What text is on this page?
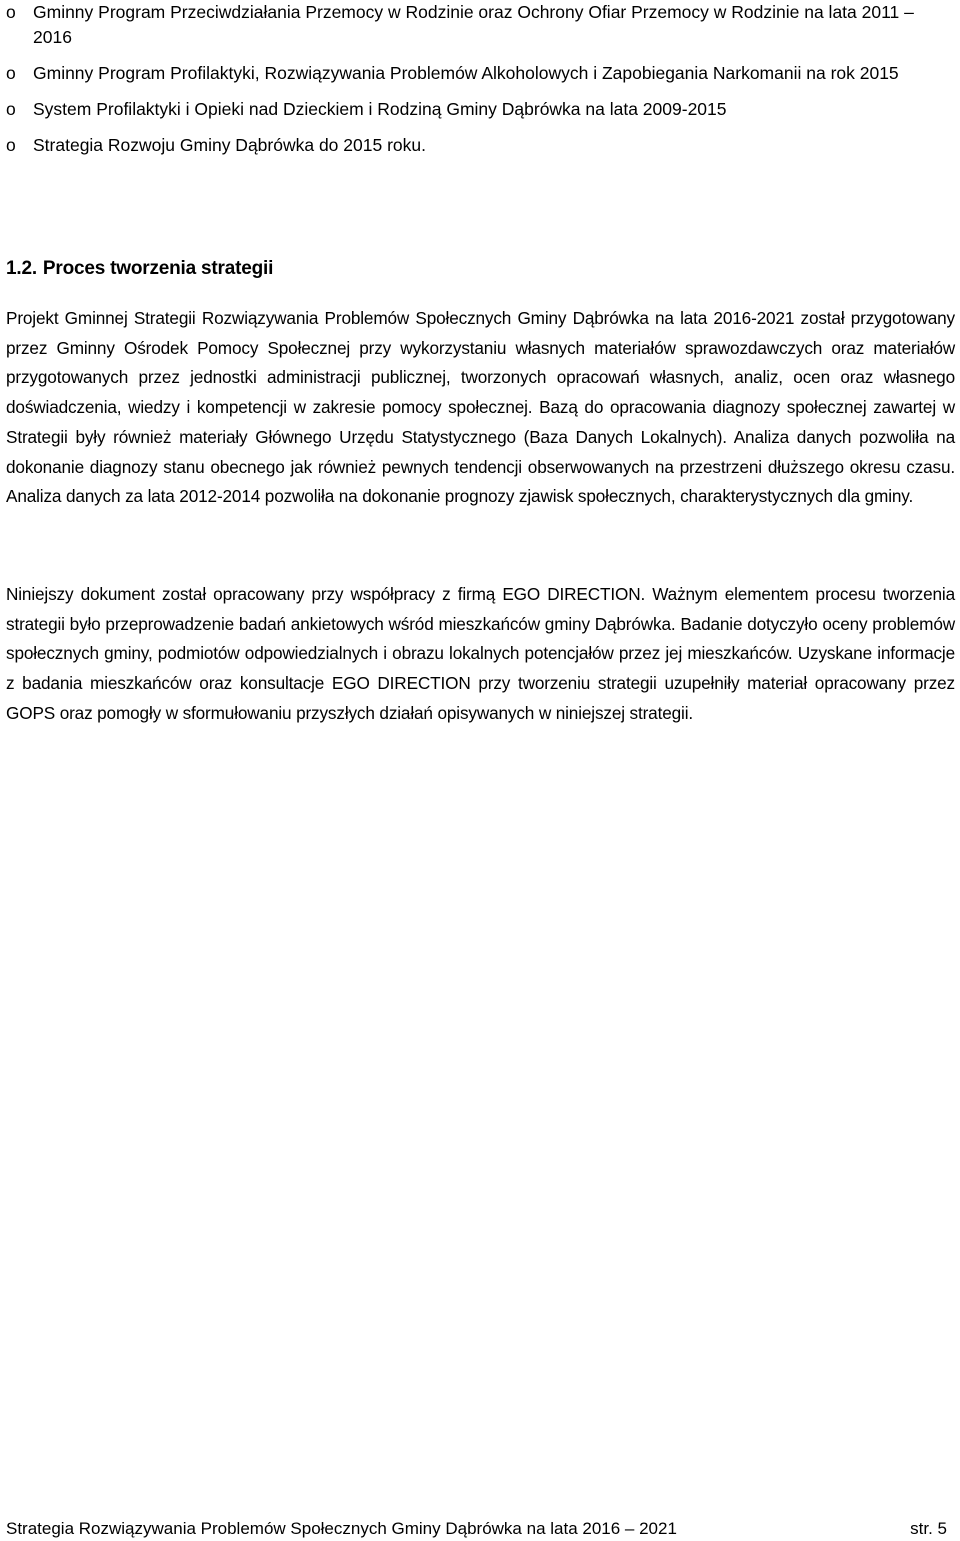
o Gminny Program Przeciwdziałania Przemocy w Rodzinie oraz Ochrony Ofiar Przemocy w Rodzinie na lata 2011 – 2016
o Gminny Program Profilaktyki, Rozwiązywania Problemów Alkoholowych i Zapobiegania Narkomanii na rok 2015
o System Profilaktyki i Opieki nad Dzieckiem i Rodziną Gminy Dąbrówka na lata 2009-2015
o Strategia Rozwoju Gminy Dąbrówka do 2015 roku.
1.2. Proces tworzenia strategii

Projekt Gminnej Strategii Rozwiązywania Problemów Społecznych Gminy Dąbrówka na lata 2016-2021 został przygotowany przez Gminny Ośrodek Pomocy Społecznej przy wykorzystaniu własnych materiałów sprawozdawczych oraz materiałów przygotowanych przez jednostki administracji publicznej, tworzonych opracowań własnych, analiz, ocen oraz własnego doświadczenia, wiedzy i kompetencji w zakresie pomocy społecznej. Bazą do opracowania diagnozy społecznej zawartej w Strategii były również materiały Głównego Urzędu Statystycznego (Baza Danych Lokalnych). Analiza danych pozwoliła na dokonanie diagnozy stanu obecnego jak również pewnych tendencji obserwowanych na przestrzeni dłuższego okresu czasu. Analiza danych za lata 2012-2014 pozwoliła na dokonanie prognozy zjawisk społecznych, charakterystycznych dla gminy.

Niniejszy dokument został opracowany przy współpracy z firmą EGO DIRECTION. Ważnym elementem procesu tworzenia strategii było przeprowadzenie badań ankietowych wśród mieszkańców gminy Dąbrówka. Badanie dotyczyło oceny problemów społecznych gminy, podmiotów odpowiedzialnych i obrazu lokalnych potencjałów przez jej mieszkańców. Uzyskane informacje z badania mieszkańców oraz konsultacje EGO DIRECTION przy tworzeniu strategii uzupełniły materiał opracowany przez GOPS oraz pomogły w sformułowaniu przyszłych działań opisywanych w niniejszej strategii.

Strategia Rozwiązywania Problemów Społecznych Gminy Dąbrówka na lata 2016 – 2021	str. 5
